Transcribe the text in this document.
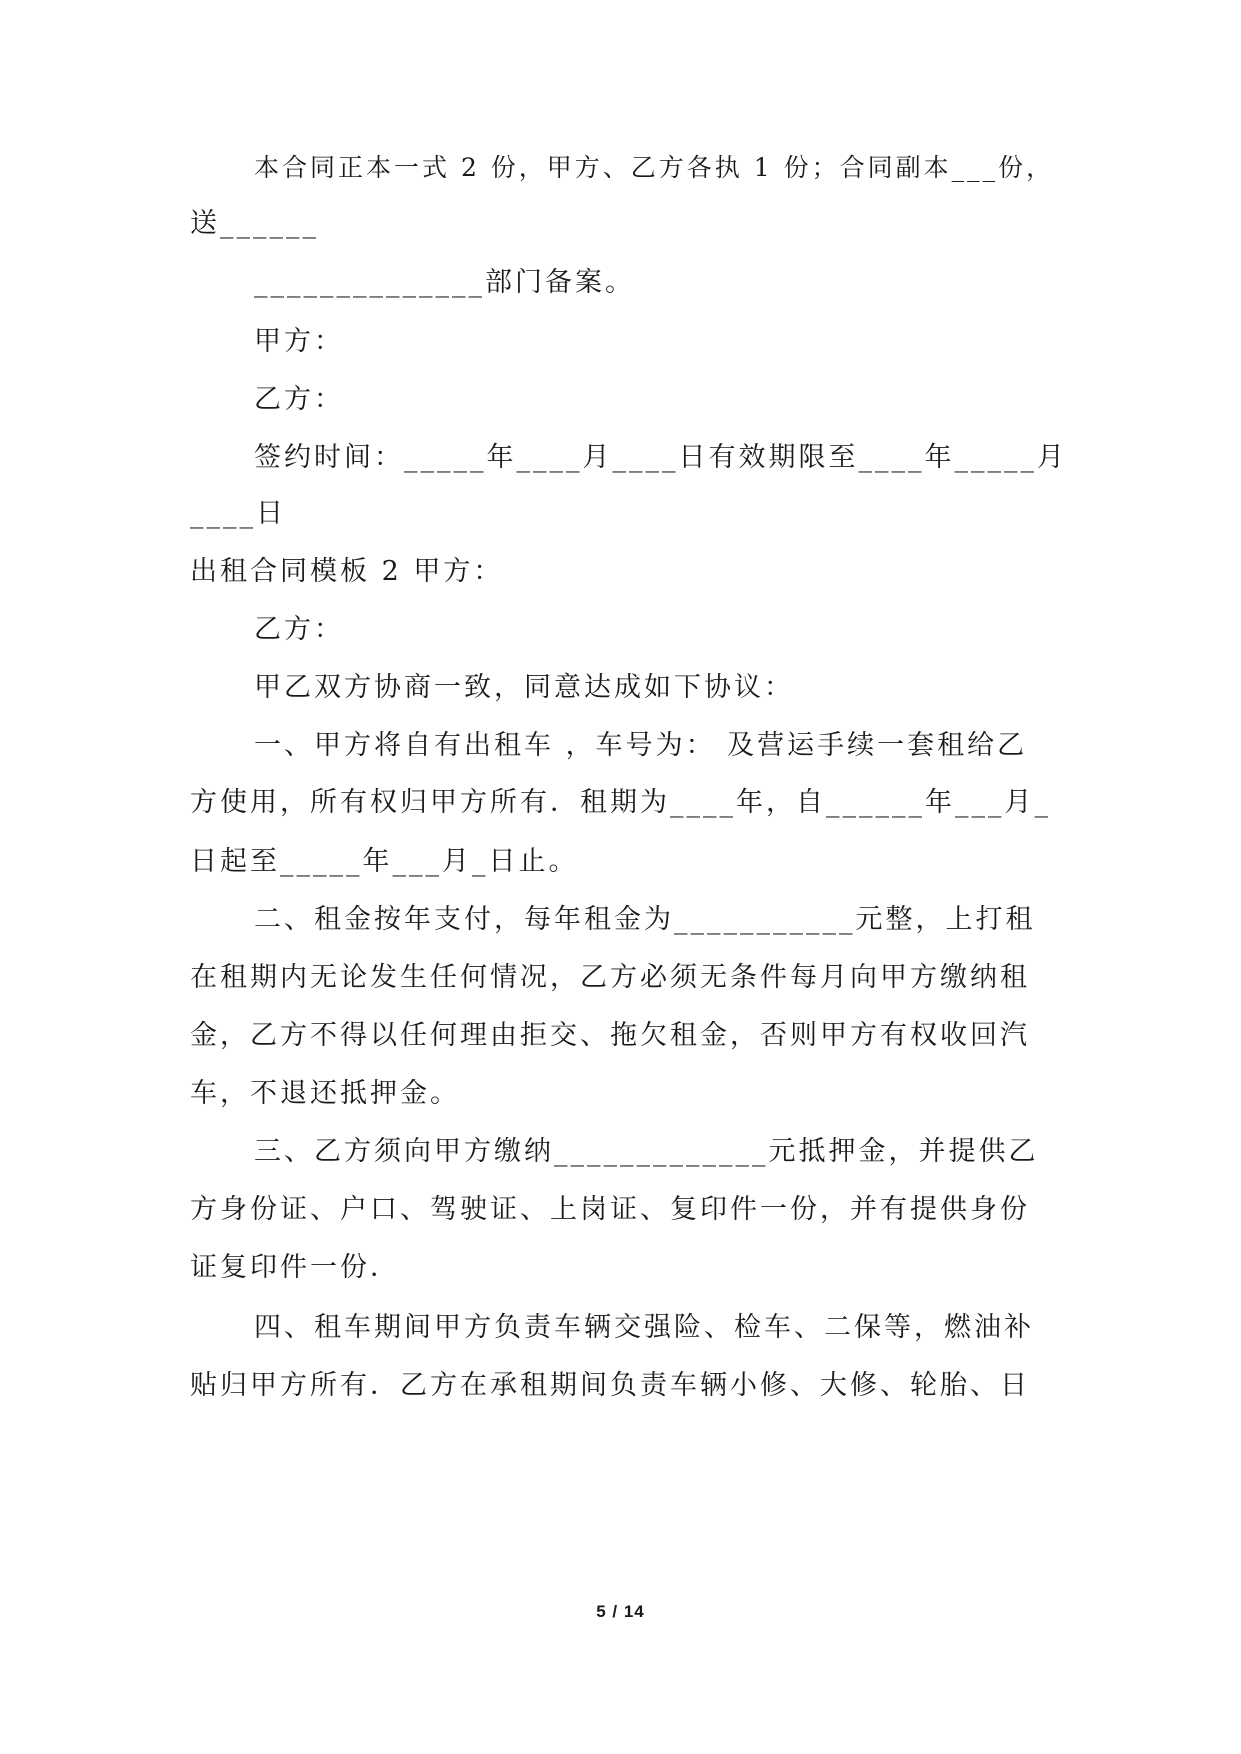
本合同正本一式 2 份，甲方、乙方各执 1 份；合同副本___份，
送______
______________部门备案。
甲方：
乙方：
签约时间：_____年____月____日有效期限至____年_____月
____日
出租合同模板 2 甲方：
乙方：
甲乙双方协商一致，同意达成如下协议：
一、甲方将自有出租车 ，车号为： 及营运手续一套租给乙
方使用，所有权归甲方所有．租期为____年，自______年___月_
日起至_____年___月_日止。
二、租金按年支付，每年租金为___________元整，上打租
在租期内无论发生任何情况，乙方必须无条件每月向甲方缴纳租
金，乙方不得以任何理由拒交、拖欠租金，否则甲方有权收回汽
车，不退还抵押金。
三、乙方须向甲方缴纳_____________元抵押金，并提供乙
方身份证、户口、驾驶证、上岗证、复印件一份，并有提供身份
证复印件一份．
四、租车期间甲方负责车辆交强险、检车、二保等，燃油补
贴归甲方所有．乙方在承租期间负责车辆小修、大修、轮胎、日
5 / 14
